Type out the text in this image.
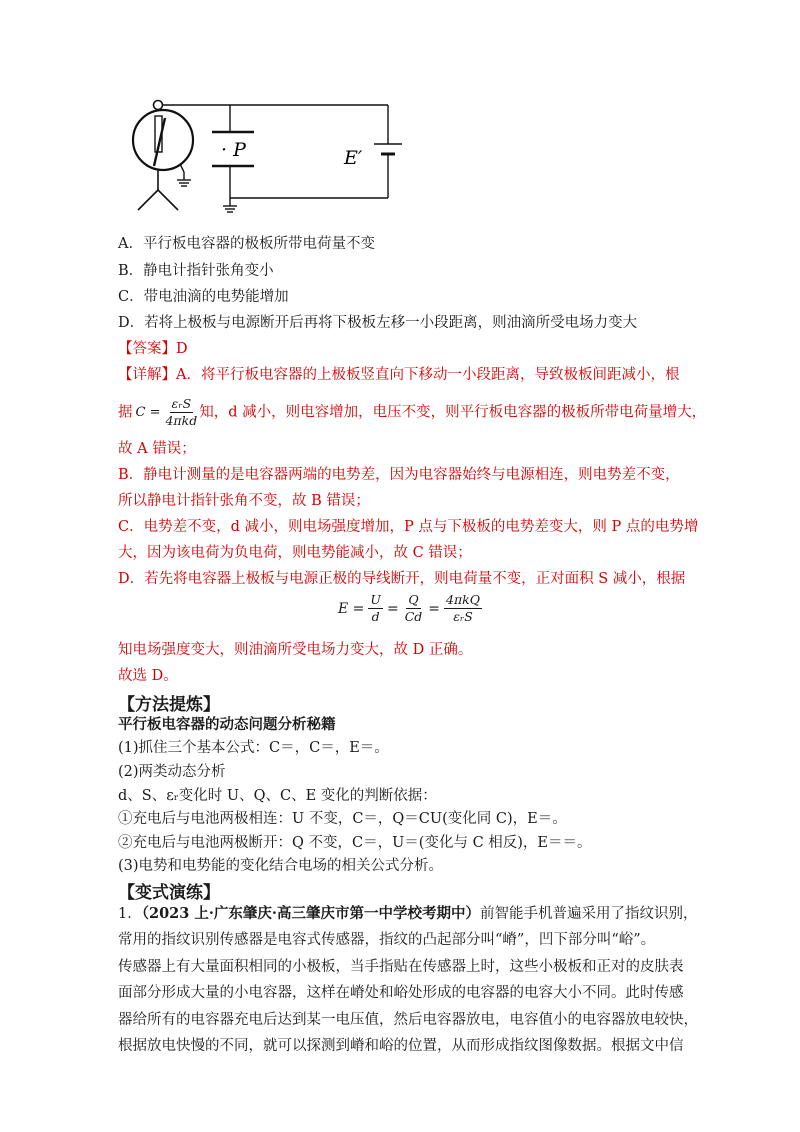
· P	E′
A．平行板电容器的极板所带电荷量不变
B．静电计指针张角变小
C．带电油滴的电势能增加
D．若将上极板与电源断开后再将下极板左移一小段距离，则油滴所受电场力变大
【答案】D
【详解】A．将平行板电容器的上极板竖直向下移动一小段距离，导致极板间距减小，根
据 $C = \frac{\text{εᵣS}}{\text{4πkd}}$ 知，d 减小，则电容增加，电压不变，则平行板电容器的极板所带电荷量增大，
故 A 错误；
B．静电计测量的是电容器两端的电势差，因为电容器始终与电源相连，则电势差不变，
所以静电计指针张角不变，故 B 错误；
C．电势差不变，d 减小，则电场强度增加，P 点与下极板的电势差变大，则 P 点的电势增
大，因为该电荷为负电荷，则电势能减小，故 C 错误；
D．若先将电容器上极板与电源正极的导线断开，则电荷量不变，正对面积 S 减小，根据
$E = \frac{U}{d} = \frac{Q}{Cd} = \frac{\text{4πkQ}}{\text{εᵣS}}$
知电场强度变大，则油滴所受电场力变大，故 D 正确。
故选 D。
【方法提炼】
平行板电容器的动态问题分析秘籍
(1)抓住三个基本公式：C＝，C＝，E＝。
(2)两类动态分析
d、S、εᵣ变化时 U、Q、C、E 变化的判断依据：
①充电后与电池两极相连：U 不变，C＝，Q＝CU(变化同 C)，E＝。
②充电后与电池两极断开：Q 不变，C＝，U＝(变化与 C 相反)，E＝＝。
(3)电势和电势能的变化结合电场的相关公式分析。
【变式演练】
1．（2023 上·广东肇庆·高三肇庆市第一中学校考期中）前智能手机普遍采用了指纹识别，
常用的指纹识别传感器是电容式传感器，指纹的凸起部分叫“嵴”，凹下部分叫“峪”。
传感器上有大量面积相同的小极板，当手指贴在传感器上时，这些小极板和正对的皮肤表
面部分形成大量的小电容器，这样在嵴处和峪处形成的电容器的电容大小不同。此时传感
器给所有的电容器充电后达到某一电压值，然后电容器放电，电容值小的电容器放电较快，
根据放电快慢的不同，就可以探测到嵴和峪的位置，从而形成指纹图像数据。根据文中信
